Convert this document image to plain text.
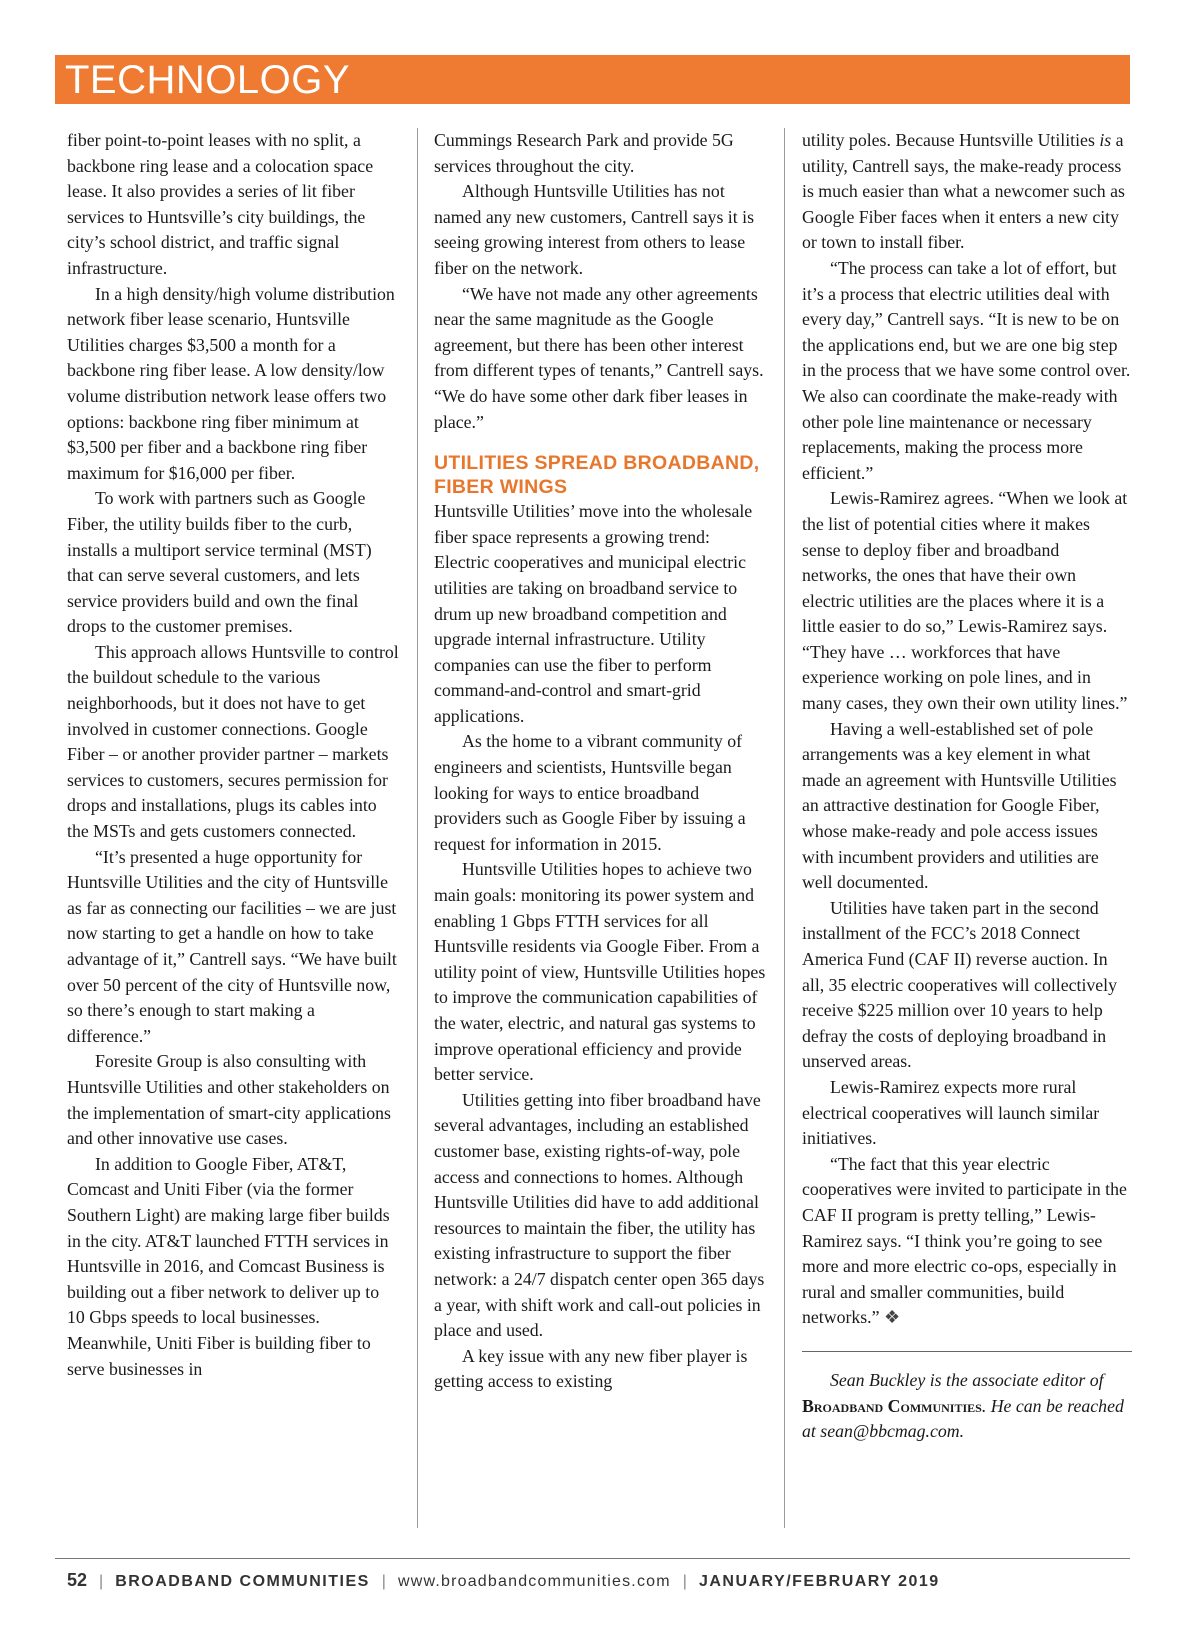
TECHNOLOGY

fiber point-to-point leases with no split, a backbone ring lease and a colocation space lease. It also provides a series of lit fiber services to Huntsville’s city buildings, the city’s school district, and traffic signal infrastructure.

In a high density/high volume distribution network fiber lease scenario, Huntsville Utilities charges $3,500 a month for a backbone ring fiber lease. A low density/low volume distribution network lease offers two options: backbone ring fiber minimum at $3,500 per fiber and a backbone ring fiber maximum for $16,000 per fiber.

To work with partners such as Google Fiber, the utility builds fiber to the curb, installs a multiport service terminal (MST) that can serve several customers, and lets service providers build and own the final drops to the customer premises.

This approach allows Huntsville to control the buildout schedule to the various neighborhoods, but it does not have to get involved in customer connections. Google Fiber – or another provider partner – markets services to customers, secures permission for drops and installations, plugs its cables into the MSTs and gets customers connected.

“It’s presented a huge opportunity for Huntsville Utilities and the city of Huntsville as far as connecting our facilities – we are just now starting to get a handle on how to take advantage of it,” Cantrell says. “We have built over 50 percent of the city of Huntsville now, so there’s enough to start making a difference.”

Foresite Group is also consulting with Huntsville Utilities and other stakeholders on the implementation of smart-city applications and other innovative use cases.

In addition to Google Fiber, AT&T, Comcast and Uniti Fiber (via the former Southern Light) are making large fiber builds in the city. AT&T launched FTTH services in Huntsville in 2016, and Comcast Business is building out a fiber network to deliver up to 10 Gbps speeds to local businesses. Meanwhile, Uniti Fiber is building fiber to serve businesses in

Cummings Research Park and provide 5G services throughout the city.

Although Huntsville Utilities has not named any new customers, Cantrell says it is seeing growing interest from others to lease fiber on the network.

“We have not made any other agreements near the same magnitude as the Google agreement, but there has been other interest from different types of tenants,” Cantrell says. “We do have some other dark fiber leases in place.”

UTILITIES SPREAD BROADBAND, FIBER WINGS

Huntsville Utilities’ move into the wholesale fiber space represents a growing trend: Electric cooperatives and municipal electric utilities are taking on broadband service to drum up new broadband competition and upgrade internal infrastructure. Utility companies can use the fiber to perform command-and-control and smart-grid applications.

As the home to a vibrant community of engineers and scientists, Huntsville began looking for ways to entice broadband providers such as Google Fiber by issuing a request for information in 2015.

Huntsville Utilities hopes to achieve two main goals: monitoring its power system and enabling 1 Gbps FTTH services for all Huntsville residents via Google Fiber. From a utility point of view, Huntsville Utilities hopes to improve the communication capabilities of the water, electric, and natural gas systems to improve operational efficiency and provide better service.

Utilities getting into fiber broadband have several advantages, including an established customer base, existing rights-of-way, pole access and connections to homes. Although Huntsville Utilities did have to add additional resources to maintain the fiber, the utility has existing infrastructure to support the fiber network: a 24/7 dispatch center open 365 days a year, with shift work and call-out policies in place and used.

A key issue with any new fiber player is getting access to existing

utility poles. Because Huntsville Utilities is a utility, Cantrell says, the make-ready process is much easier than what a newcomer such as Google Fiber faces when it enters a new city or town to install fiber.

“The process can take a lot of effort, but it’s a process that electric utilities deal with every day,” Cantrell says. “It is new to be on the applications end, but we are one big step in the process that we have some control over. We also can coordinate the make-ready with other pole line maintenance or necessary replacements, making the process more efficient.”

Lewis-Ramirez agrees. “When we look at the list of potential cities where it makes sense to deploy fiber and broadband networks, the ones that have their own electric utilities are the places where it is a little easier to do so,” Lewis-Ramirez says. “They have … workforces that have experience working on pole lines, and in many cases, they own their own utility lines.”

Having a well-established set of pole arrangements was a key element in what made an agreement with Huntsville Utilities an attractive destination for Google Fiber, whose make-ready and pole access issues with incumbent providers and utilities are well documented.

Utilities have taken part in the second installment of the FCC’s 2018 Connect America Fund (CAF II) reverse auction. In all, 35 electric cooperatives will collectively receive $225 million over 10 years to help defray the costs of deploying broadband in unserved areas.

Lewis-Ramirez expects more rural electrical cooperatives will launch similar initiatives.

“The fact that this year electric cooperatives were invited to participate in the CAF II program is pretty telling,” Lewis-Ramirez says. “I think you’re going to see more and more electric co-ops, especially in rural and smaller communities, build networks.” ❖

Sean Buckley is the associate editor of Broadband Communities. He can be reached at sean@bbcmag.com.

52 | BROADBAND COMMUNITIES | www.broadbandcommunities.com | JANUARY/FEBRUARY 2019
